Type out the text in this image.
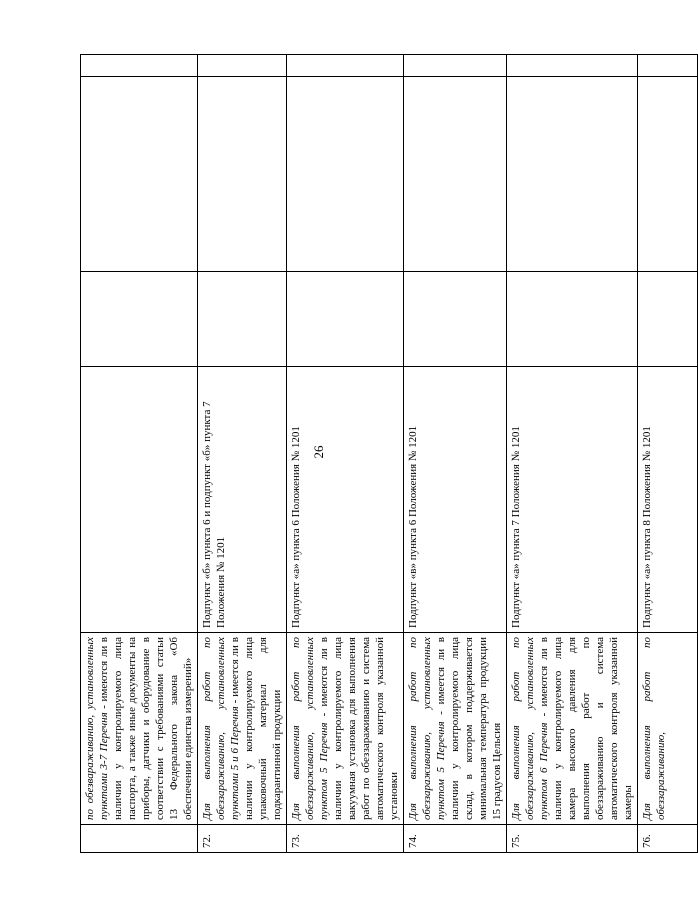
26

	по обезвараживанию, установленных пунктами 3-7 Перечня - имеются ли в наличии у контролируемого лица паспорта, а также иные документы на приборы, датчики и оборудование в соответствии с требованиями статьи 13 Федерального закона «Об обеспечении единства измерений»				

72.	Для выполнения работ по обеззараживанию, установленных пунктами 5 и 6 Перечня - имеется ли в наличии у контролируемого лица упаковочный материал для подкарантинной продукции	Подпункт «б» пункта 6 и подпункт «б» пункта 7 Положения № 1201			
73.	Для выполнения работ по обеззараживанию, установленных пунктом 5 Перечня - имеются ли в наличии у контролируемого лица вакуумная установка для выполнения работ по обеззараживанию и система автоматического контроля указанной установки	Подпункт «а» пункта 6 Положения № 1201			
74.	Для выполнения работ по обеззараживанию, установленных пунктом 5 Перечня - имеется ли в наличии у контролируемого лица склад, в котором поддерживается минимальная температура продукции 15 градусов Цельсия	Подпункт «в» пункта 6 Положения № 1201			
75.	Для выполнения работ по обеззараживанию, установленных пунктом 6 Перечня - имеются ли в наличии у контролируемого лица камера высокого давления для выполнения работ по обеззараживанию и система автоматического контроля указанной камеры	Подпункт «а» пункта 7 Положения № 1201			
76.	Для выполнения работ по обеззараживанию,	Подпункт «а» пункта 8 Положения № 1201			
